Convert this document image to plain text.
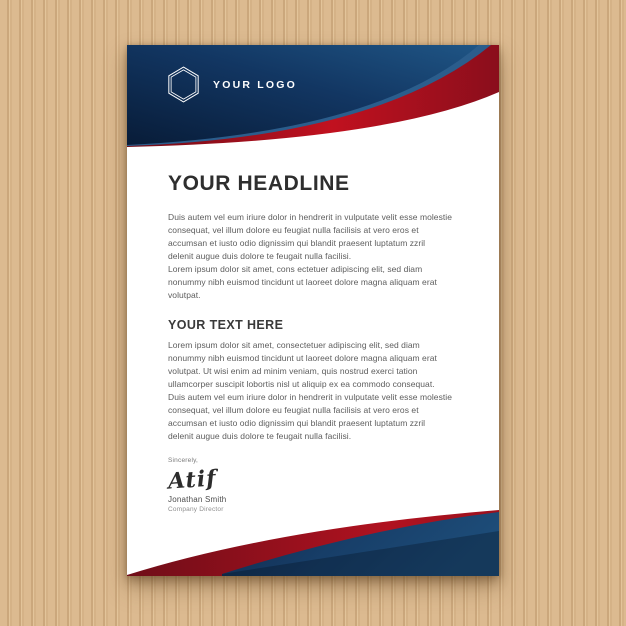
YOUR LOGO
YOUR HEADLINE
Duis autem vel eum iriure dolor in hendrerit in vulputate velit esse molestie
consequat, vel illum dolore eu feugiat nulla facilisis at vero eros et
accumsan et iusto odio dignissim qui blandit praesent luptatum zzril
delenit augue duis dolore te feugait nulla facilisi.
Lorem ipsum dolor sit amet, cons ectetuer adipiscing elit, sed diam
nonummy nibh euismod tincidunt ut laoreet dolore magna aliquam erat
volutpat.
YOUR TEXT HERE
Lorem ipsum dolor sit amet, consectetuer adipiscing elit, sed diam
nonummy nibh euismod tincidunt ut laoreet dolore magna aliquam erat
volutpat. Ut wisi enim ad minim veniam, quis nostrud exerci tation
ullamcorper suscipit lobortis nisl ut aliquip ex ea commodo consequat.
Duis autem vel eum iriure dolor in hendrerit in vulputate velit esse molestie
consequat, vel illum dolore eu feugiat nulla facilisis at vero eros et
accumsan et iusto odio dignissim qui blandit praesent luptatum zzril
delenit augue duis dolore te feugait nulla facilisi.
Sincerely,
Atif
Jonathan Smith
Company Director
